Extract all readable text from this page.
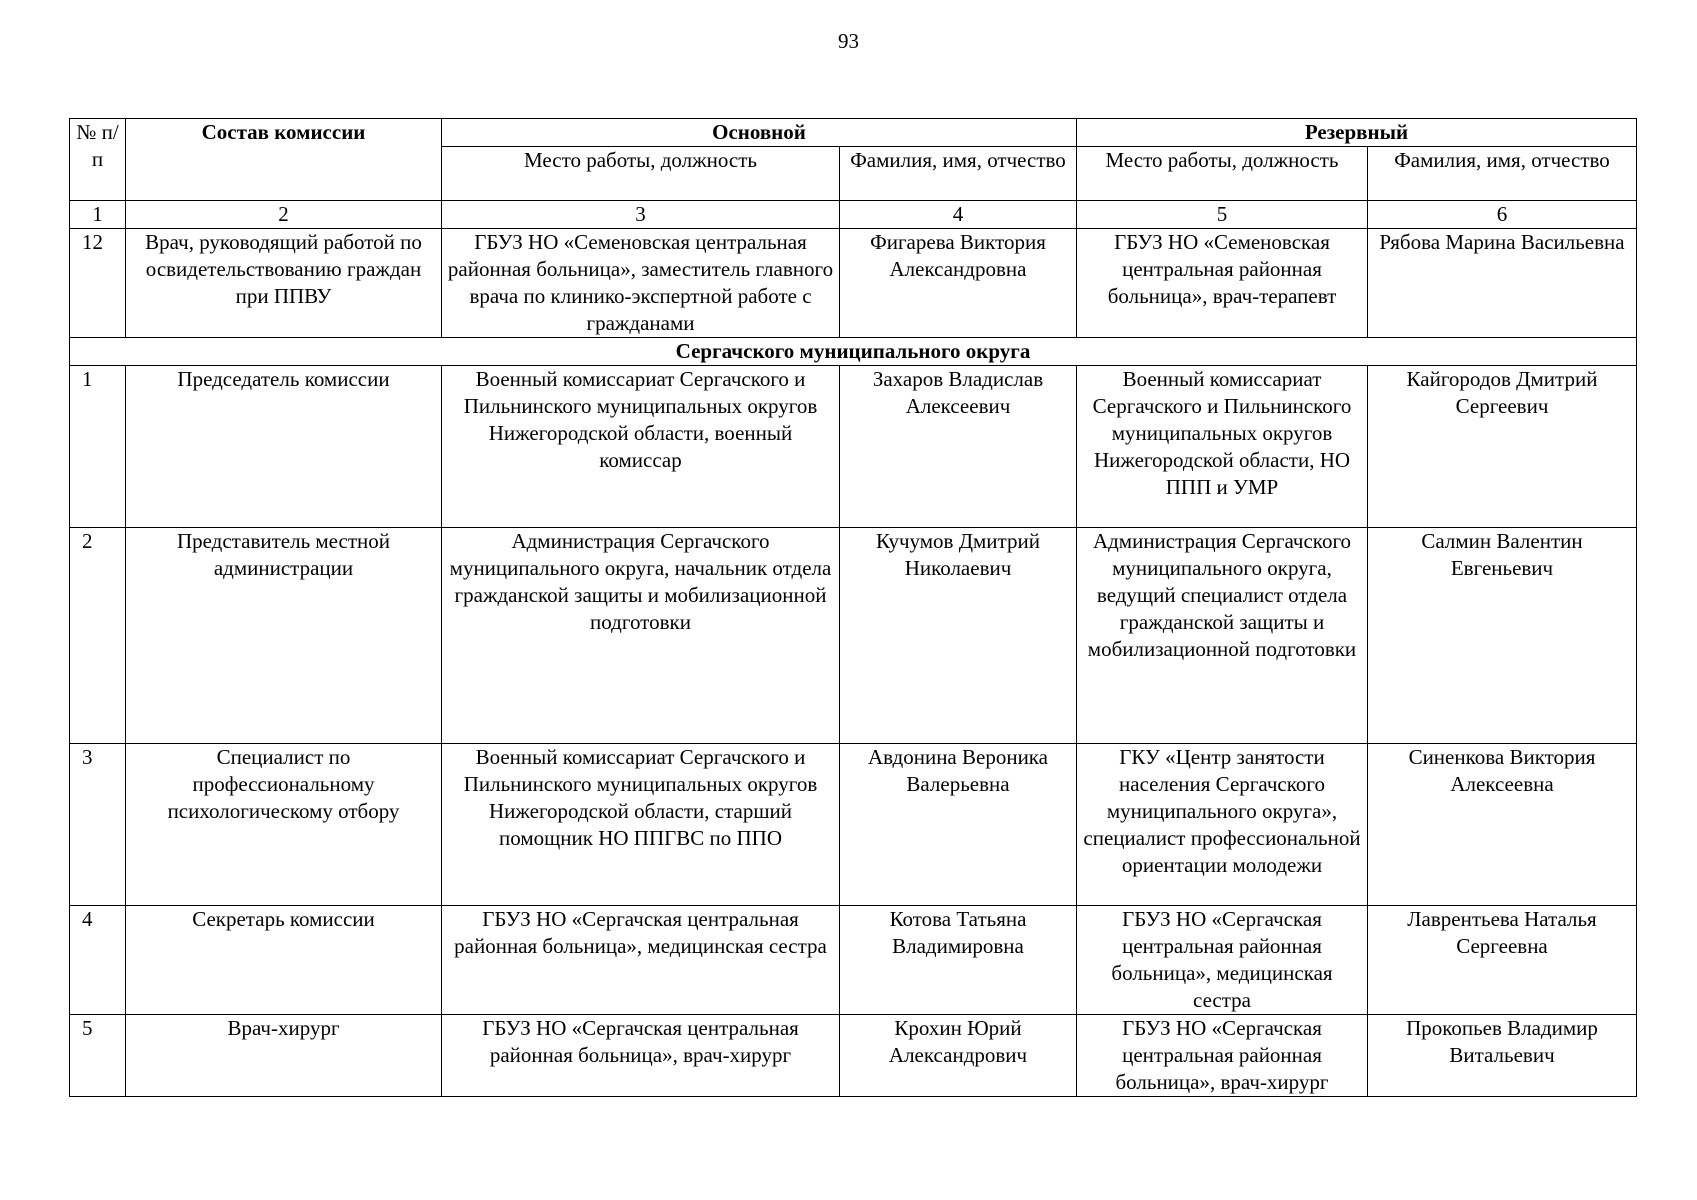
93
№ п/п	Состав комиссии	Основной		Резервный	
		Место работы, должность	Фамилия, имя, отчество	Место работы, должность	Фамилия, имя, отчество
1	2	3	4	5	6
12	Врач, руководящий работой по освидетельствованию граждан при ППВУ	ГБУЗ НО «Семеновская центральная районная больница», заместитель главного врача по клинико-экспертной работе с гражданами	Фигарева Виктория Александровна	ГБУЗ НО «Семеновская центральная районная больница», врач-терапевт	Рябова Марина Васильевна
Сергачского муниципального округа					
1	Председатель комиссии	Военный комиссариат Сергачского и Пильнинского муниципальных округов Нижегородской области, военный комиссар	Захаров Владислав Алексеевич	Военный комиссариат Сергачского и Пильнинского муниципальных округов Нижегородской области, НО ППП и УМР	Кайгородов Дмитрий Сергеевич
2	Представитель местной администрации	Администрация Сергачского муниципального округа, начальник отдела гражданской защиты и мобилизационной подготовки	Кучумов Дмитрий Николаевич	Администрация Сергачского муниципального округа, ведущий специалист отдела гражданской защиты и мобилизационной подготовки	Салмин Валентин Евгеньевич
3	Специалист по профессиональному психологическому отбору	Военный комиссариат Сергачского и Пильнинского муниципальных округов Нижегородской области, старший помощник НО ППГВС по ППО	Авдонина Вероника Валерьевна	ГКУ «Центр занятости населения Сергачского муниципального округа», специалист профессиональной ориентации молодежи	Синенкова Виктория Алексеевна
4	Секретарь комиссии	ГБУЗ НО «Сергачская центральная районная больница», медицинская сестра	Котова Татьяна Владимировна	ГБУЗ НО «Сергачская центральная районная больница», медицинская сестра	Лаврентьева Наталья Сергеевна
5	Врач-хирург	ГБУЗ НО «Сергачская центральная районная больница», врач-хирург	Крохин Юрий Александрович	ГБУЗ НО «Сергачская центральная районная больница», врач-хирург	Прокопьев Владимир Витальевич
